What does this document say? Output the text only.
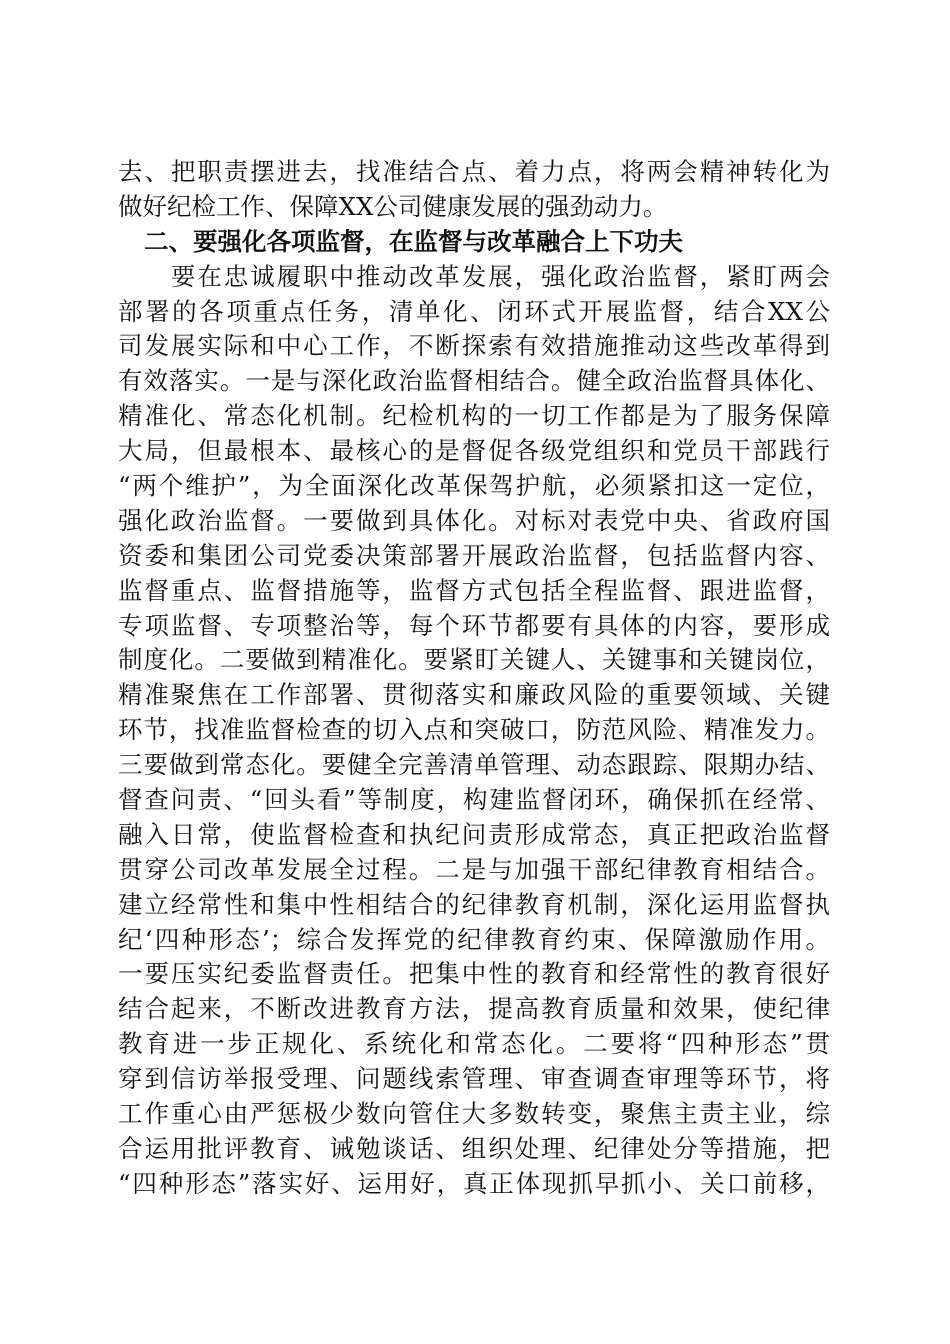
去、把职责摆进去，找准结合点、着力点，将两会精神转化为
做好纪检工作、保障XX公司健康发展的强劲动力。
二、要强化各项监督，在监督与改革融合上下功夫
　　要在忠诚履职中推动改革发展，强化政治监督，紧盯两会
部署的各项重点任务，清单化、闭环式开展监督，结合XX公
司发展实际和中心工作，不断探索有效措施推动这些改革得到
有效落实。一是与深化政治监督相结合。健全政治监督具体化、
精准化、常态化机制。纪检机构的一切工作都是为了服务保障
大局，但最根本、最核心的是督促各级党组织和党员干部践行
“两个维护”，为全面深化改革保驾护航，必须紧扣这一定位，
强化政治监督。一要做到具体化。对标对表党中央、省政府国
资委和集团公司党委决策部署开展政治监督，包括监督内容、
监督重点、监督措施等，监督方式包括全程监督、跟进监督，
专项监督、专项整治等，每个环节都要有具体的内容，要形成
制度化。二要做到精准化。要紧盯关键人、关键事和关键岗位，
精准聚焦在工作部署、贯彻落实和廉政风险的重要领域、关键
环节，找准监督检查的切入点和突破口，防范风险、精准发力。
三要做到常态化。要健全完善清单管理、动态跟踪、限期办结、
督查问责、“回头看”等制度，构建监督闭环，确保抓在经常、
融入日常，使监督检查和执纪问责形成常态，真正把政治监督
贯穿公司改革发展全过程。二是与加强干部纪律教育相结合。
建立经常性和集中性相结合的纪律教育机制，深化运用监督执
纪‘四种形态’；综合发挥党的纪律教育约束、保障激励作用。
一要压实纪委监督责任。把集中性的教育和经常性的教育很好
结合起来，不断改进教育方法，提高教育质量和效果，使纪律
教育进一步正规化、系统化和常态化。二要将“四种形态”贯
穿到信访举报受理、问题线索管理、审查调查审理等环节，将
工作重心由严惩极少数向管住大多数转变，聚焦主责主业，综
合运用批评教育、诫勉谈话、组织处理、纪律处分等措施，把
“四种形态”落实好、运用好，真正体现抓早抓小、关口前移，
